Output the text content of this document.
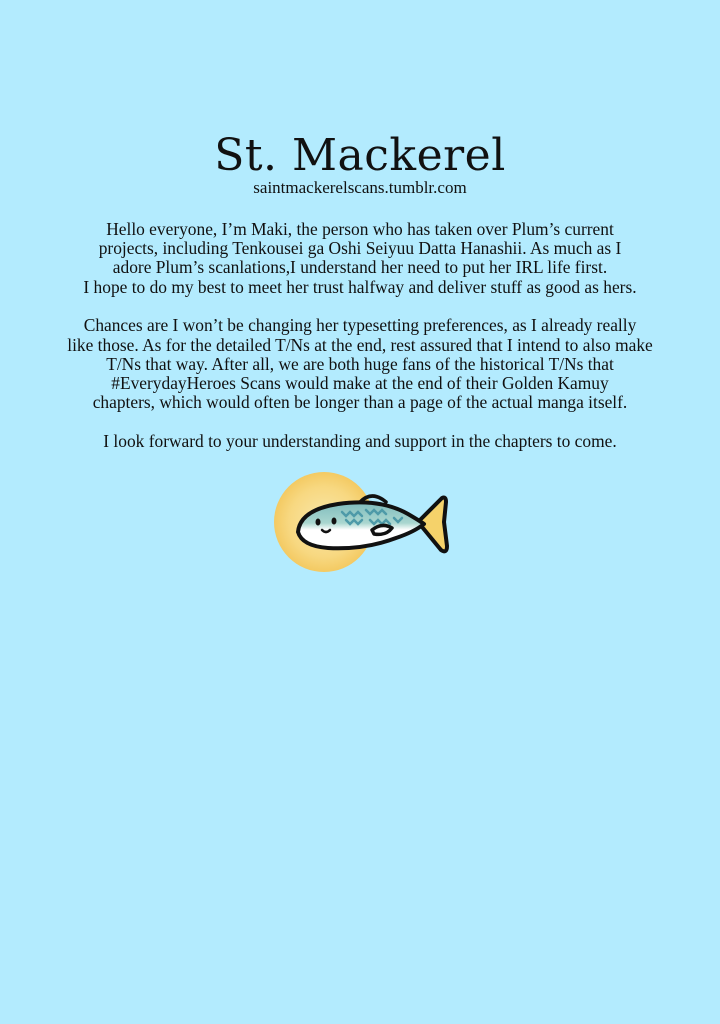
St. Mackerel
saintmackerelscans.tumblr.com

Hello everyone, I’m Maki, the person who has taken over Plum’s current
projects, including Tenkousei ga Oshi Seiyuu Datta Hanashii. As much as I
adore Plum’s scanlations,I understand her need to put her IRL life first.
I hope to do my best to meet her trust halfway and deliver stuff as good as hers.

Chances are I won’t be changing her typesetting preferences, as I already really
like those. As for the detailed T/Ns at the end, rest assured that I intend to also make
T/Ns that way. After all, we are both huge fans of the historical T/Ns that
#EverydayHeroes Scans would make at the end of their Golden Kamuy
chapters, which would often be longer than a page of the actual manga itself.

I look forward to your understanding and support in the chapters to come.
